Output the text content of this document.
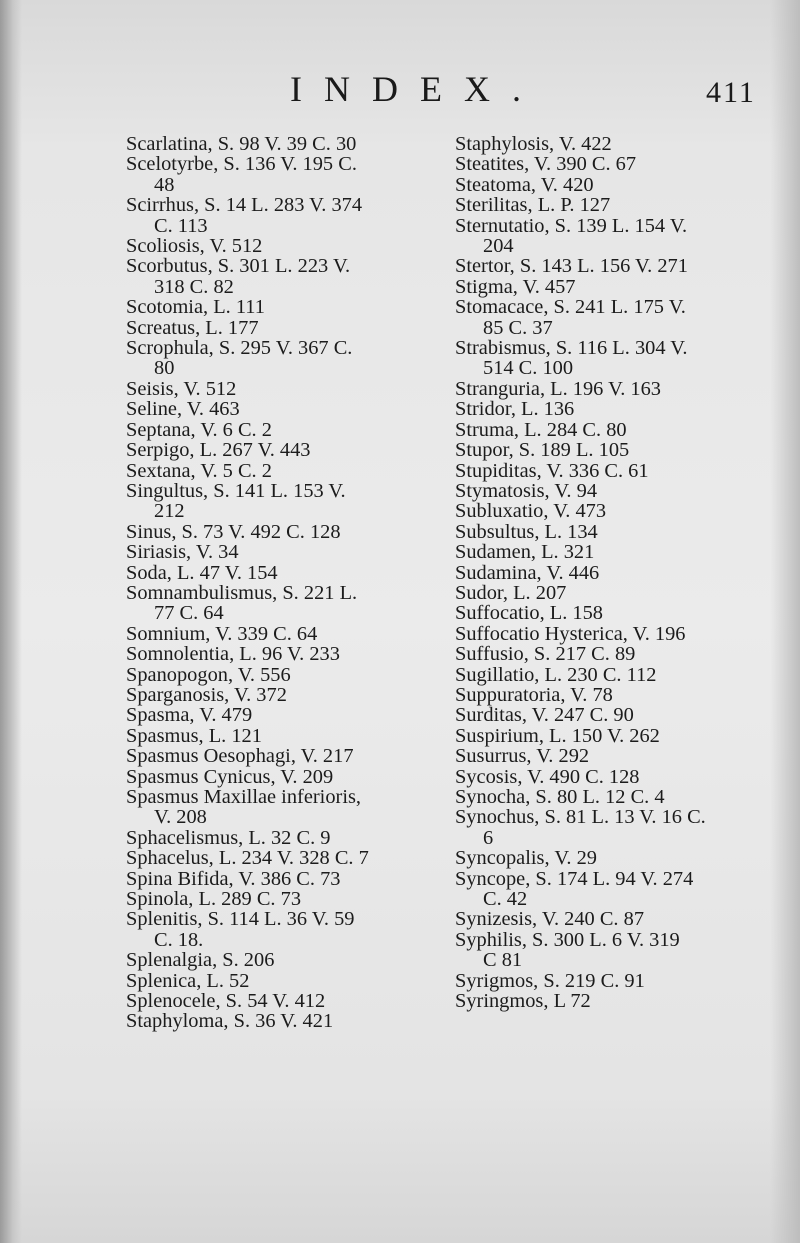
INDEX.	411
Scarlatina, S. 98 V. 39 C. 30
Scelotyrbe, S. 136 V. 195 C.
48
Scirrhus, S. 14 L. 283 V. 374
C. 113
Scoliosis, V. 512
Scorbutus, S. 301 L. 223 V.
318 C. 82
Scotomia, L. 111
Screatus, L. 177
Scrophula, S. 295 V. 367 C.
80
Seisis, V. 512
Seline, V. 463
Septana, V. 6 C. 2
Serpigo, L. 267 V. 443
Sextana, V. 5 C. 2
Singultus, S. 141 L. 153 V.
212
Sinus, S. 73 V. 492 C. 128
Siriasis, V. 34
Soda, L. 47 V. 154
Somnambulismus, S. 221 L.
77 C. 64
Somnium, V. 339 C. 64
Somnolentia, L. 96 V. 233
Spanopogon, V. 556
Sparganosis, V. 372
Spasma, V. 479
Spasmus, L. 121
Spasmus Oesophagi, V. 217
Spasmus Cynicus, V. 209
Spasmus Maxillae inferioris,
V. 208
Sphacelismus, L. 32 C. 9
Sphacelus, L. 234 V. 328 C. 7
Spina Bifida, V. 386 C. 73
Spinola, L. 289 C. 73
Splenitis, S. 114 L. 36 V. 59
C. 18.
Splenalgia, S. 206
Splenica, L. 52
Splenocele, S. 54 V. 412
Staphyloma, S. 36 V. 421
Staphylosis, V. 422
Steatites, V. 390 C. 67
Steatoma, V. 420
Sterilitas, L. P. 127
Sternutatio, S. 139 L. 154 V.
204
Stertor, S. 143 L. 156 V. 271
Stigma, V. 457
Stomacace, S. 241 L. 175 V.
85 C. 37
Strabismus, S. 116 L. 304 V.
514 C. 100
Stranguria, L. 196 V. 163
Stridor, L. 136
Struma, L. 284 C. 80
Stupor, S. 189 L. 105
Stupiditas, V. 336 C. 61
Stymatosis, V. 94
Subluxatio, V. 473
Subsultus, L. 134
Sudamen, L. 321
Sudamina, V. 446
Sudor, L. 207
Suffocatio, L. 158
Suffocatio Hysterica, V. 196
Suffusio, S. 217 C. 89
Sugillatio, L. 230 C. 112
Suppuratoria, V. 78
Surditas, V. 247 C. 90
Suspirium, L. 150 V. 262
Susurrus, V. 292
Sycosis, V. 490 C. 128
Synocha, S. 80 L. 12 C. 4
Synochus, S. 81 L. 13 V. 16 C.
6
Syncopalis, V. 29
Syncope, S. 174 L. 94 V. 274
C. 42
Synizesis, V. 240 C. 87
Syphilis, S. 300 L. 6 V. 319
C 81
Syrigmos, S. 219 C. 91
Syringmos, L 72
